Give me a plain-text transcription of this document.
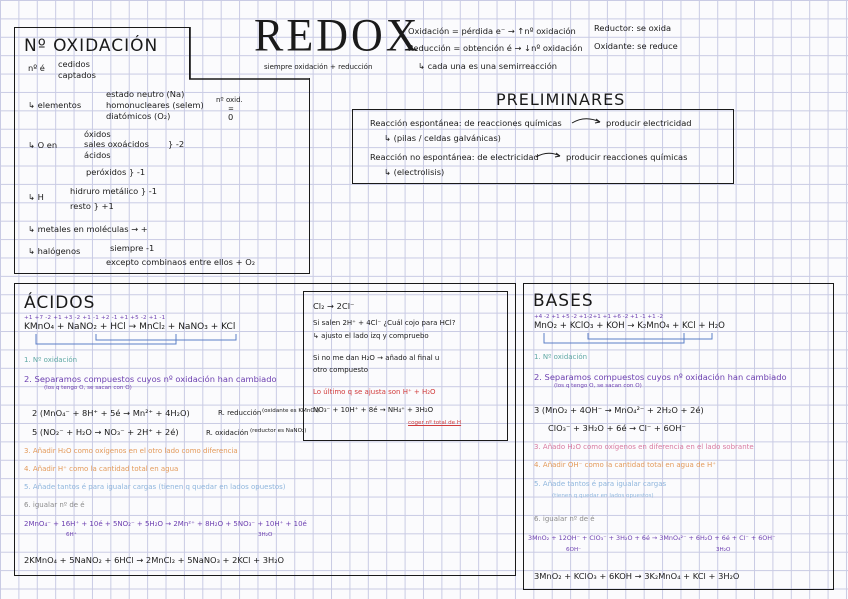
REDOX
siempre oxidación + reducción
Oxidación = pérdida e⁻ → ↑nº oxidación
Reducción = obtención é → ↓nº oxidación
↳ cada una es una semirreacción
Reductor: se oxida
Oxidante: se reduce
Nº OXIDACIÓN
nº é cedidos
captados
↳ elementos
estado neutro (Na)
homonucleares (selem)
diatómicos (O₂)
nº oxid.
=
0
↳ O en
óxidos
sales oxoácidos
ácidos
} -2
peróxidos } -1
↳ H
hidruro metálico } -1
resto } +1
↳ metales en moléculas → +
↳ halógenos	siempre -1
excepto combinaos entre ellos + O₂
PRELIMINARES
Reacción espontánea: de reacciones químicas	producir electricidad
↳ (pilas / celdas galvánicas)
Reacción no espontánea: de electricidad	producir reacciones químicas
↳ (electrolisis)
ÁCIDOS
+1 +7 -2 +1 +3 -2 +1 -1 +2 -1 +1 +5 -2 +1 -1
KMnO₄ + NaNO₂ + HCl → MnCl₂ + NaNO₃ + KCl
1. Nº oxidación
2. Separamos compuestos cuyos nº oxidación han cambiado
(los q tengo O, se sacan con O)
2 (MnO₄⁻ + 8H⁺ + 5é → Mn²⁺ + 4H₂O)	R. reducción (oxidante es KMnO₄)
5 (NO₂⁻ + H₂O → NO₃⁻ + 2H⁺ + 2é)	R. oxidación (reductor es NaNO₂)
3. Añadir H₂O como oxígenos en el otro lado como diferencia
4. Añadir H⁺ como la cantidad total en agua
5. Añade tantos é para igualar cargas (tienen q quedar en lados opuestos)
6. igualar nº de é
2MnO₄⁻ + 16H⁺ + 10é + 5NO₂⁻ + 5H₂O → 2Mn²⁺ + 8H₂O + 5NO₃⁻ + 10H⁺ + 10é
6H⁺	3H₂O
2KMnO₄ + 5NaNO₂ + 6HCl → 2MnCl₂ + 5NaNO₃ + 2KCl + 3H₂O
Cl₂ → 2Cl⁻
Si salen 2H⁺ + 4Cl⁻ ¿Cuál cojo para HCl?
↳ ajusto el lado izq y compruebo
Si no me dan H₂O → añado al final u
otro compuesto
Lo último q se ajusta son H⁺ + H₂O
NO₃⁻ + 10H⁺ + 8é → NH₄⁺ + 3H₂O
coger nº total de H
BASES
+4 -2 +1 +5 -2 +1-2+1 +1 +6 -2 +1 -1 +1 -2
MnO₂ + KClO₃ + KOH → K₂MnO₄ + KCl + H₂O
1. Nº oxidación
2. Separamos compuestos cuyos nº oxidación han cambiado
(los q tengo O, se sacan con O)
3 (MnO₂ + 4OH⁻ → MnO₄²⁻ + 2H₂O + 2é)
ClO₃⁻ + 3H₂O + 6é → Cl⁻ + 6OH⁻
3. Añado H₂O como oxígenos en diferencia en el lado sobrante
4. Añadir OH⁻ como la cantidad total en agua de H⁺
5. Añade tantos é para igualar cargas
(tienen q quedar en lados opuestos)
6. igualar nº de é
3MnO₂ + 12OH⁻ + ClO₃⁻ + 3H₂O + 6é → 3MnO₄²⁻ + 6H₂O + 6é + Cl⁻ + 6OH⁻
6OH⁻	3H₂O
3MnO₂ + KClO₃ + 6KOH → 3K₂MnO₄ + KCl + 3H₂O
